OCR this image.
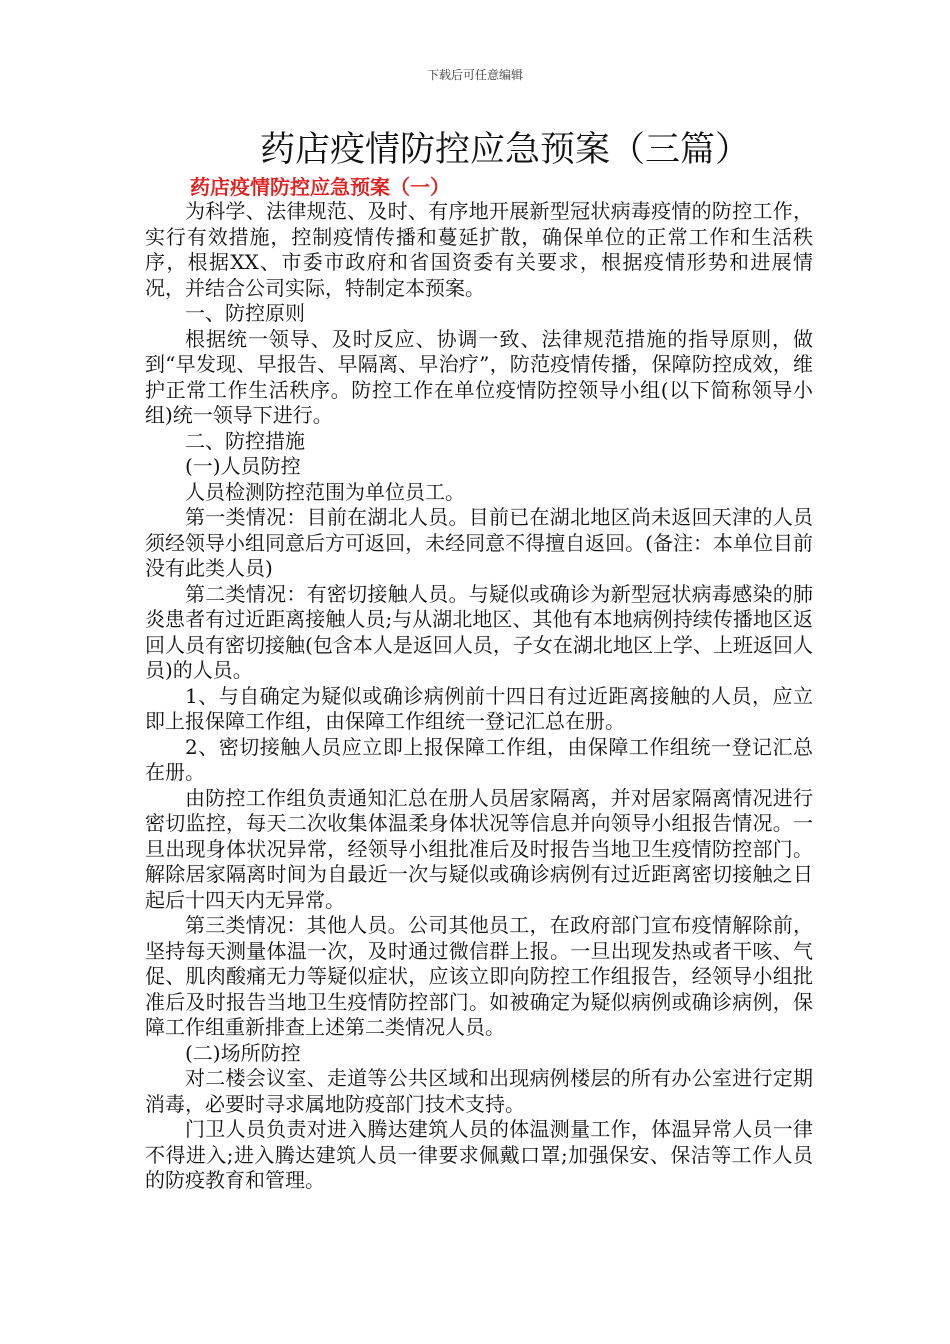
下载后可任意编辑
药店疫情防控应急预案（三篇）
药店疫情防控应急预案（一）

为科学、法律规范、及时、有序地开展新型冠状病毒疫情的防控工作，实行有效措施，控制疫情传播和蔓延扩散，确保单位的正常工作和生活秩序，根据XX、市委市政府和省国资委有关要求，根据疫情形势和进展情况，并结合公司实际，特制定本预案。

一、防控原则

根据统一领导、及时反应、协调一致、法律规范措施的指导原则，做到“早发现、早报告、早隔离、早治疗”，防范疫情传播，保障防控成效，维护正常工作生活秩序。防控工作在单位疫情防控领导小组(以下简称领导小组)统一领导下进行。

二、防控措施

(一)人员防控

人员检测防控范围为单位员工。

第一类情况：目前在湖北人员。目前已在湖北地区尚未返回天津的人员须经领导小组同意后方可返回，未经同意不得擅自返回。(备注：本单位目前没有此类人员)

第二类情况：有密切接触人员。与疑似或确诊为新型冠状病毒感染的肺炎患者有过近距离接触人员;与从湖北地区、其他有本地病例持续传播地区返回人员有密切接触(包含本人是返回人员，子女在湖北地区上学、上班返回人员)的人员。

1、与自确定为疑似或确诊病例前十四日有过近距离接触的人员，应立即上报保障工作组，由保障工作组统一登记汇总在册。

2、密切接触人员应立即上报保障工作组，由保障工作组统一登记汇总在册。

由防控工作组负责通知汇总在册人员居家隔离，并对居家隔离情况进行密切监控，每天二次收集体温柔身体状况等信息并向领导小组报告情况。一旦出现身体状况异常，经领导小组批准后及时报告当地卫生疫情防控部门。解除居家隔离时间为自最近一次与疑似或确诊病例有过近距离密切接触之日起后十四天内无异常。

第三类情况：其他人员。公司其他员工，在政府部门宣布疫情解除前，坚持每天测量体温一次，及时通过微信群上报。一旦出现发热或者干咳、气促、肌肉酸痛无力等疑似症状，应该立即向防控工作组报告，经领导小组批准后及时报告当地卫生疫情防控部门。如被确定为疑似病例或确诊病例，保障工作组重新排查上述第二类情况人员。

(二)场所防控

对二楼会议室、走道等公共区域和出现病例楼层的所有办公室进行定期消毒，必要时寻求属地防疫部门技术支持。

门卫人员负责对进入腾达建筑人员的体温测量工作，体温异常人员一律不得进入;进入腾达建筑人员一律要求佩戴口罩;加强保安、保洁等工作人员的防疫教育和管理。
